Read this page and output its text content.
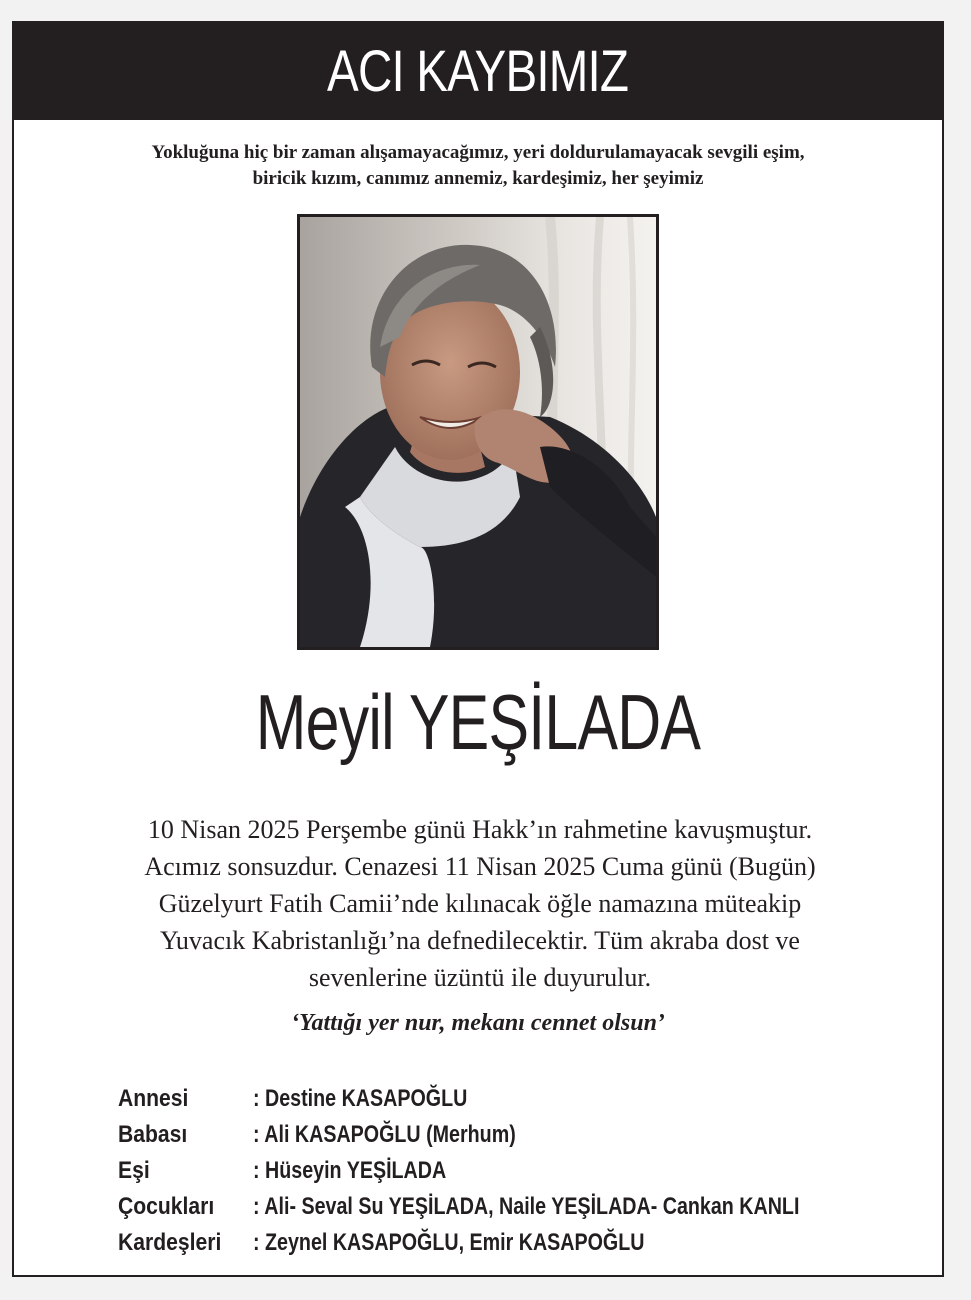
ACI KAYBIMIZ
Yokluğuna hiç bir zaman alışamayacağımız, yeri doldurulamayacak sevgili eşim,
biricik kızım, canımız annemiz, kardeşimiz, her şeyimiz
Meyil YEŞİLADA

10 Nisan 2025 Perşembe günü Hakk’ın rahmetine kavuşmuştur.

Acımız sonsuzdur. Cenazesi 11 Nisan 2025 Cuma günü (Bugün)

Güzelyurt Fatih Camii’nde kılınacak öğle namazına müteakip

Yuvacık Kabristanlığı’na defnedilecektir. Tüm akraba dost ve

sevenlerine üzüntü ile duyurulur.

‘Yattığı yer nur, mekanı cennet olsun’
Annesi	: Destine KASAPOĞLU
Babası	: Ali KASAPOĞLU (Merhum)
Eşi	: Hüseyin YEŞİLADA
Çocukları	: Ali- Seval Su YEŞİLADA, Naile YEŞİLADA- Cankan KANLI
Kardeşleri	: Zeynel KASAPOĞLU, Emir KASAPOĞLU
